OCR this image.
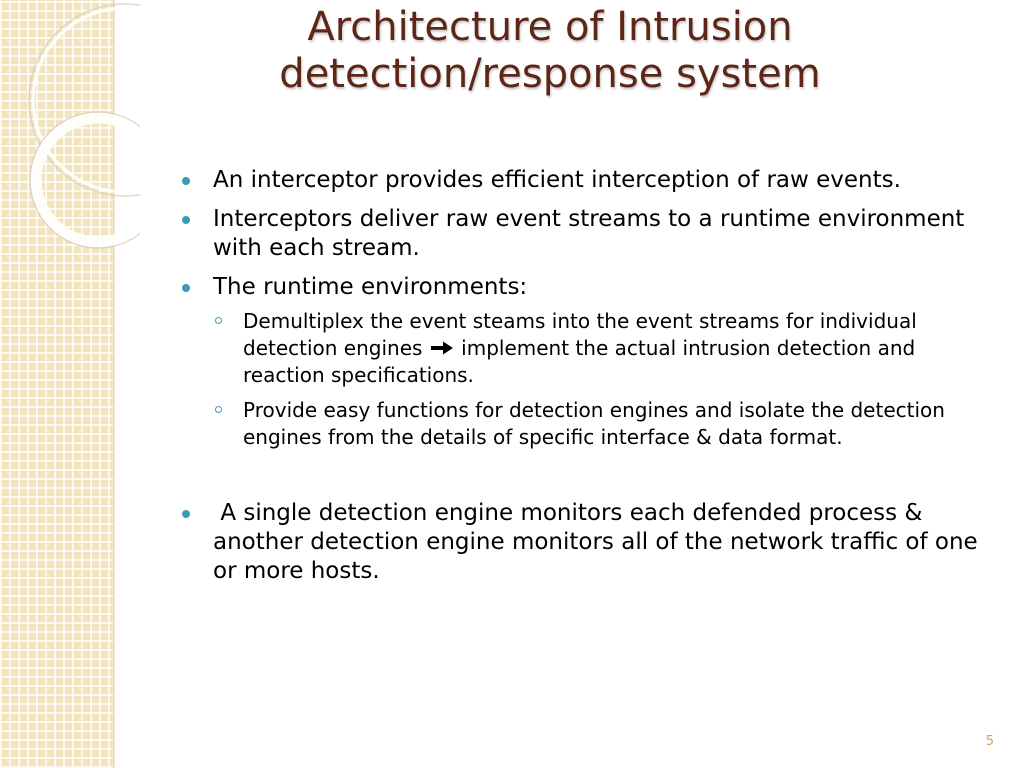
Architecture of Intrusion
detection/response system
An interceptor provides efficient interception of raw events.
Interceptors deliver raw event streams to a runtime environment with each stream.
The runtime environments:
Demultiplex the event steams into the event streams for individual detection engines  implement the actual intrusion detection and reaction specifications.
Provide easy functions for detection engines and isolate the detection engines from the details of specific interface & data format.
A single detection engine monitors each defended process & another detection engine monitors all of the network traffic of one or more hosts.
5
